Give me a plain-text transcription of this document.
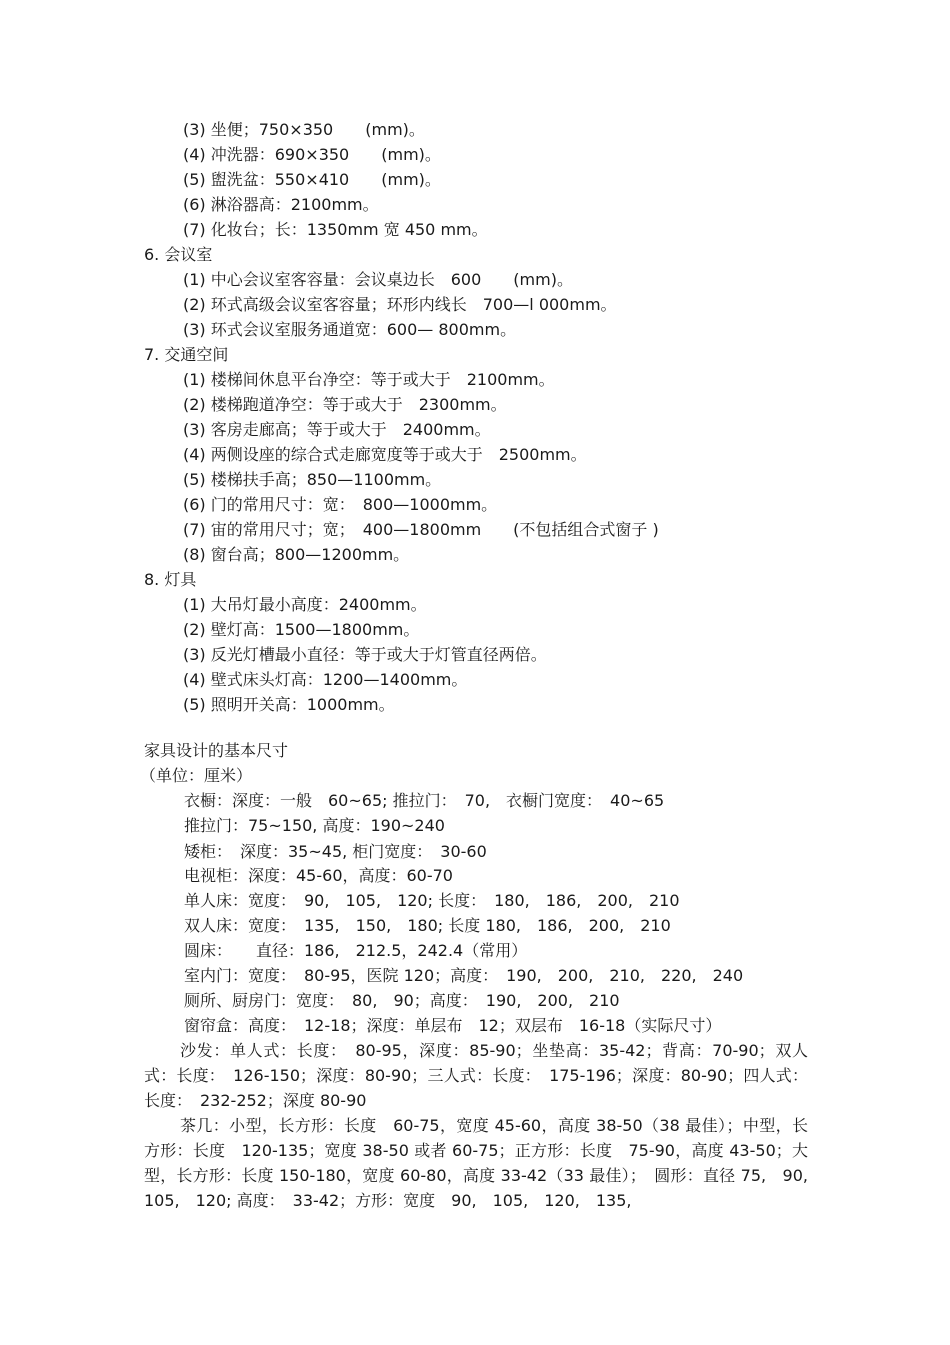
(3) 坐便；750×350　　(mm)。

(4) 冲洗器：690×350　　(mm)。

(5) 盥洗盆：550×410　　(mm)。

(6) 淋浴器高：2100mm。

(7) 化妆台；长：1350mm 宽 450 mm。

6. 会议室

(1) 中心会议室客容量：会议桌边长　600　　(mm)。

(2) 环式高级会议室客容量；环形内线长　700—l 000mm。

(3) 环式会议室服务通道宽：600— 800mm。

7. 交通空间

(1) 楼梯间休息平台净空：等于或大于　2100mm。

(2) 楼梯跑道净空：等于或大于　2300mm。

(3) 客房走廊高；等于或大于　2400mm。

(4) 两侧设座的综合式走廊宽度等于或大于　2500mm。

(5) 楼梯扶手高；850—1100mm。

(6) 门的常用尺寸：宽：　800—1000mm。

(7) 宙的常用尺寸；宽；　400—1800mm　　(不包括组合式窗子 )

(8) 窗台高；800—1200mm。

8. 灯具

(1) 大吊灯最小高度：2400mm。

(2) 壁灯高：1500—1800mm。

(3) 反光灯槽最小直径：等于或大于灯管直径两倍。

(4) 壁式床头灯高：1200—1400mm。

(5) 照明开关高：1000mm。

家具设计的基本尺寸

（单位：厘米）

衣橱：深度：一般　60~65; 推拉门：　70,　衣橱门宽度：　40~65

推拉门：75~150, 高度：190~240

矮柜：　深度：35~45, 柜门宽度：　30-60

电视柜：深度：45-60，高度：60-70

单人床：宽度：　90,　105,　120; 长度：　180,　186,　200,　210

双人床：宽度：　135,　150,　180; 长度 180,　186,　200,　210

圆床：　　直径：186,　212.5，242.4（常用）

室内门：宽度：　80-95，医院 120；高度：　190,　200,　210,　220,　240

厕所、厨房门：宽度：　80,　90；高度：　190,　200,　210

窗帘盒：高度：　12-18；深度：单层布　12；双层布　16-18（实际尺寸）

沙发：单人式：长度：　80-95，深度：85-90；坐垫高：35-42；背高：70-90；双人式：长度：　126-150；深度：80-90；三人式：长度：　175-196；深度：80-90；四人式：长度：　232-252；深度 80-90

茶几：小型，长方形：长度　60-75，宽度 45-60，高度 38-50（38 最佳）；中型，长方形：长度　120-135；宽度 38-50 或者 60-75；正方形：长度　75-90，高度 43-50；大型，长方形：长度 150-180，宽度 60-80，高度 33-42（33 最佳）；　圆形：直径 75,　90,　105,　120; 高度：　33-42；方形：宽度　90,　105,　120,　135,
